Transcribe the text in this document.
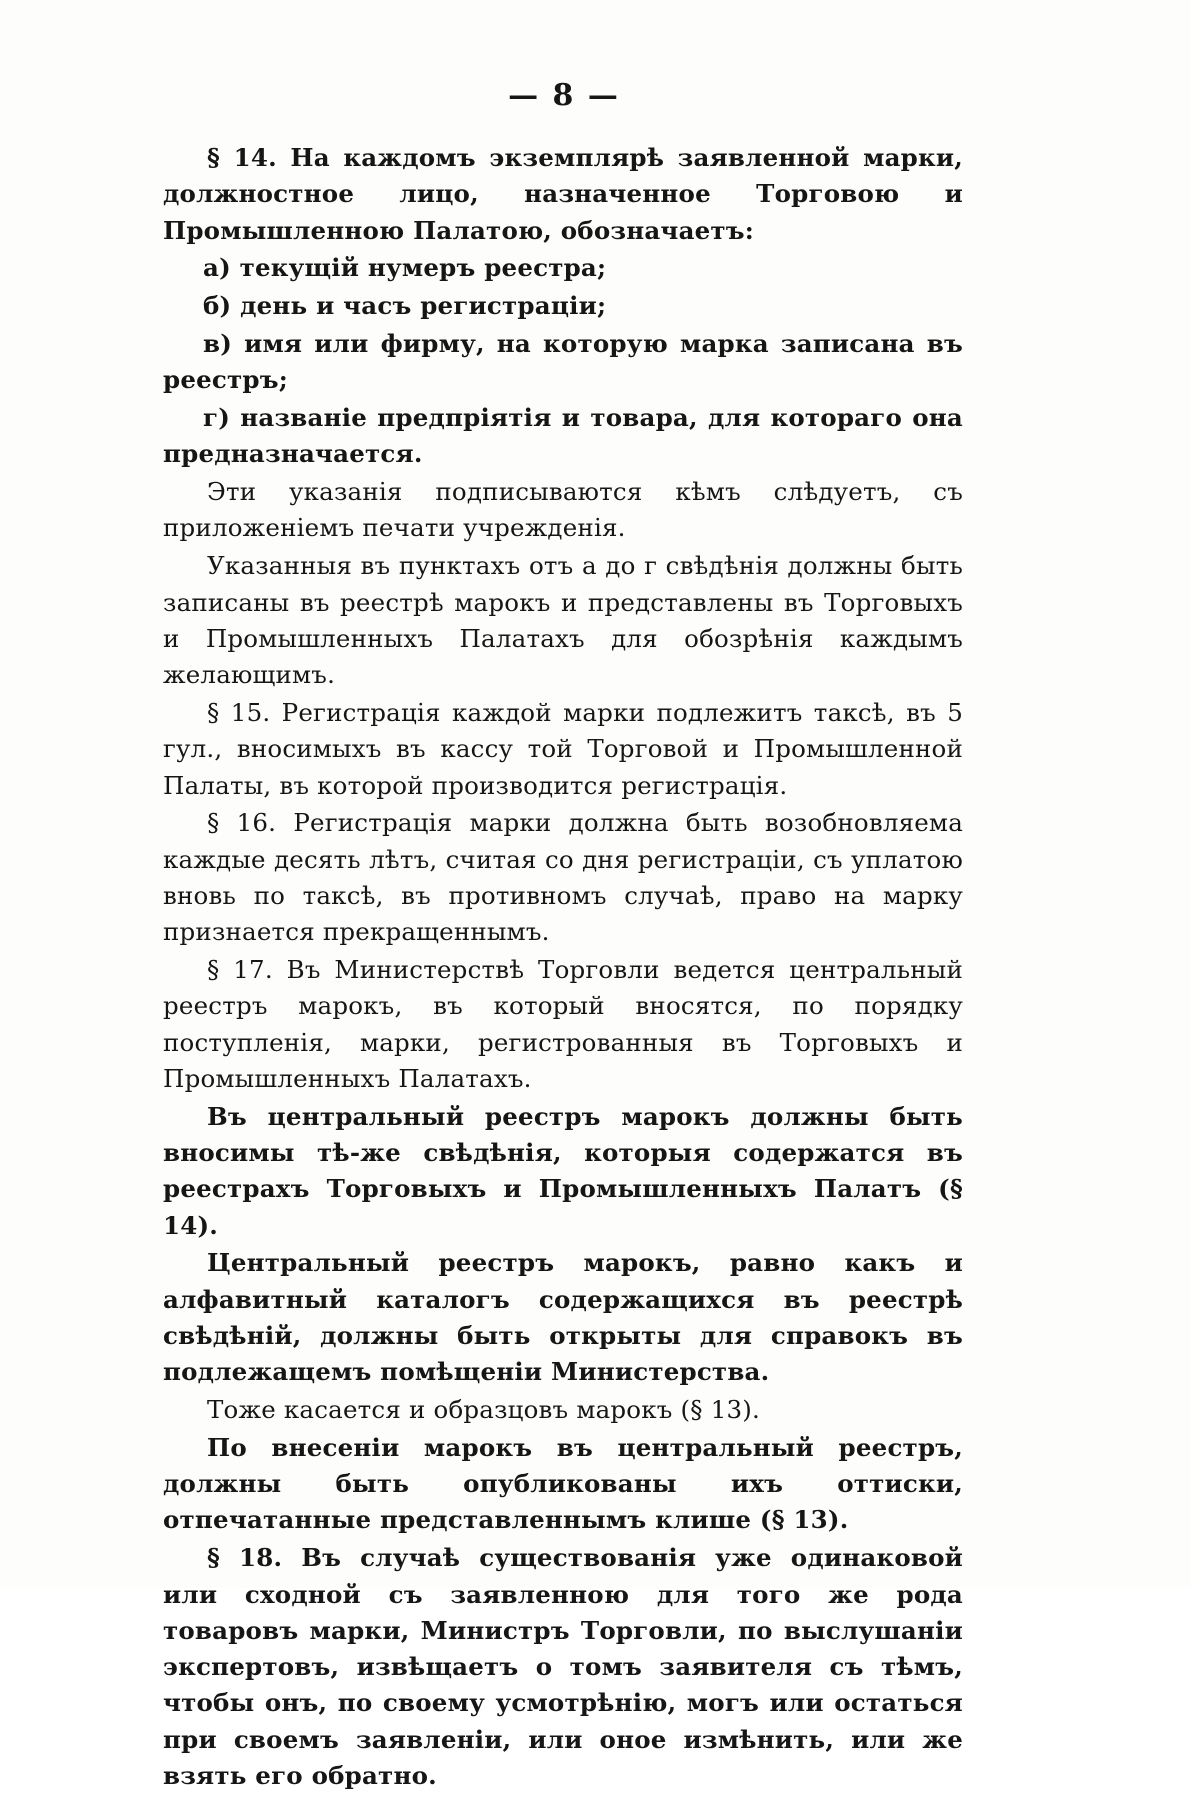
— 8 —

§ 14. На каждомъ экземплярѣ заявленной марки, должностное лицо, назначенное Торговою и Промышленною Палатою, обозначаетъ:

а) текущій нумеръ реестра;

б) день и часъ регистраціи;

в) имя или фирму, на которую марка записана въ реестръ;

г) названіе предпріятія и товара, для котораго она предназначается.

Эти указанія подписываются кѣмъ слѣдуетъ, съ приложеніемъ печати учрежденія.

Указанныя въ пунктахъ отъ а до г свѣдѣнія должны быть записаны въ реестрѣ марокъ и представлены въ Торговыхъ и Промышленныхъ Палатахъ для обозрѣнія каждымъ желающимъ.

§ 15. Регистрація каждой марки подлежитъ таксѣ, въ 5 гул., вносимыхъ въ кассу той Торговой и Промышленной Палаты, въ которой производится регистрація.

§ 16. Регистрація марки должна быть возобновляема каждые десять лѣтъ, считая со дня регистраціи, съ уплатою вновь по таксѣ, въ противномъ случаѣ, право на марку признается прекращеннымъ.

§ 17. Въ Министерствѣ Торговли ведется центральный реестръ марокъ, въ который вносятся, по порядку поступленія, марки, регистрованныя въ Торговыхъ и Промышленныхъ Палатахъ.

Въ центральный реестръ марокъ должны быть вносимы тѣ-же свѣдѣнія, которыя содержатся въ реестрахъ Торговыхъ и Промышленныхъ Палатъ (§ 14).

Центральный реестръ марокъ, равно какъ и алфавитный каталогъ содержащихся въ реестрѣ свѣдѣній, должны быть открыты для справокъ въ подлежащемъ помѣщеніи Министерства.

Тоже касается и образцовъ марокъ (§ 13).

По внесеніи марокъ въ центральный реестръ, должны быть опубликованы ихъ оттиски, отпечатанные представленнымъ клише (§ 13).

§ 18. Въ случаѣ существованія уже одинаковой или сходной съ заявленною для того же рода товаровъ марки, Министръ Торговли, по выслушаніи экспертовъ, извѣщаетъ о томъ заявителя съ тѣмъ, чтобы онъ, по своему усмотрѣнію, могъ или остаться при своемъ заявленіи, или оное измѣнить, или же взять его обратно.
